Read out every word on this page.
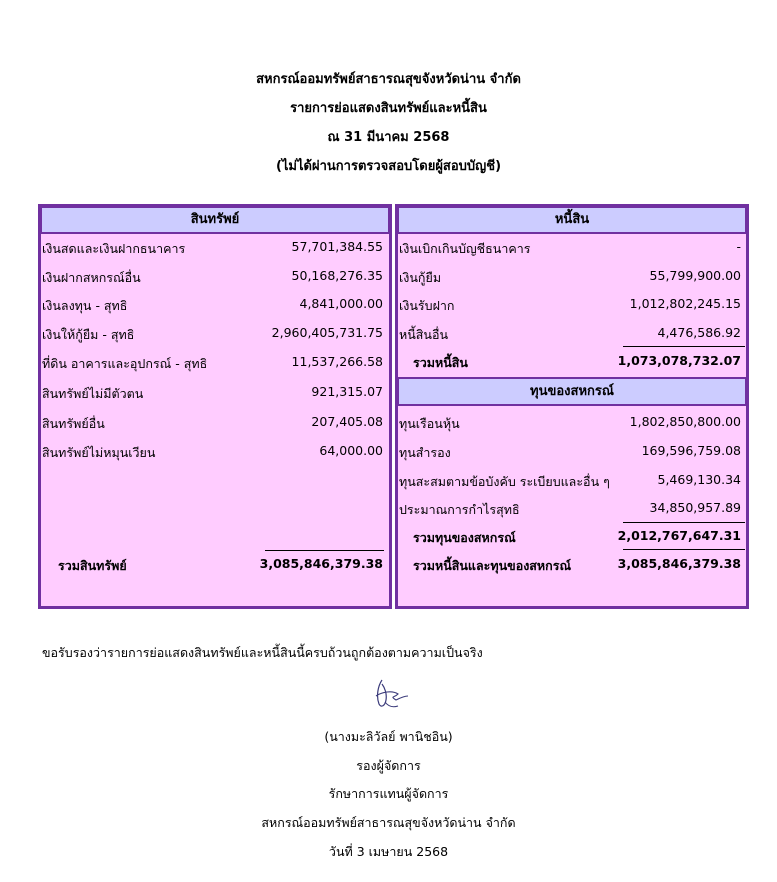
สหกรณ์ออมทรัพย์สาธารณสุขจังหวัดน่าน จำกัด
รายการย่อแสดงสินทรัพย์และหนี้สิน
ณ 31 มีนาคม 2568
(ไม่ได้ผ่านการตรวจสอบโดยผู้สอบบัญชี)
สินทรัพย์
เงินสดและเงินฝากธนาคาร	57,701,384.55
เงินฝากสหกรณ์อื่น	50,168,276.35
เงินลงทุน - สุทธิ	4,841,000.00
เงินให้กู้ยืม - สุทธิ	2,960,405,731.75
ที่ดิน อาคารและอุปกรณ์ - สุทธิ	11,537,266.58
สินทรัพย์ไม่มีตัวตน	921,315.07
สินทรัพย์อื่น	207,405.08
สินทรัพย์ไม่หมุนเวียน	64,000.00
รวมสินทรัพย์	3,085,846,379.38
หนี้สิน
เงินเบิกเกินบัญชีธนาคาร	-
เงินกู้ยืม	55,799,900.00
เงินรับฝาก	1,012,802,245.15
หนี้สินอื่น	4,476,586.92
รวมหนี้สิน	1,073,078,732.07
ทุนของสหกรณ์
ทุนเรือนหุ้น	1,802,850,800.00
ทุนสำรอง	169,596,759.08
ทุนสะสมตามข้อบังคับ ระเบียบและอื่น ๆ	5,469,130.34
ประมาณการกำไรสุทธิ	34,850,957.89
รวมทุนของสหกรณ์	2,012,767,647.31
รวมหนี้สินและทุนของสหกรณ์	3,085,846,379.38
ขอรับรองว่ารายการย่อแสดงสินทรัพย์และหนี้สินนี้ครบถ้วนถูกต้องตามความเป็นจริง
(นางมะลิวัลย์ พานิชอิน)
รองผู้จัดการ
รักษาการแทนผู้จัดการ
สหกรณ์ออมทรัพย์สาธารณสุขจังหวัดน่าน จำกัด
วันที่ 3 เมษายน 2568
